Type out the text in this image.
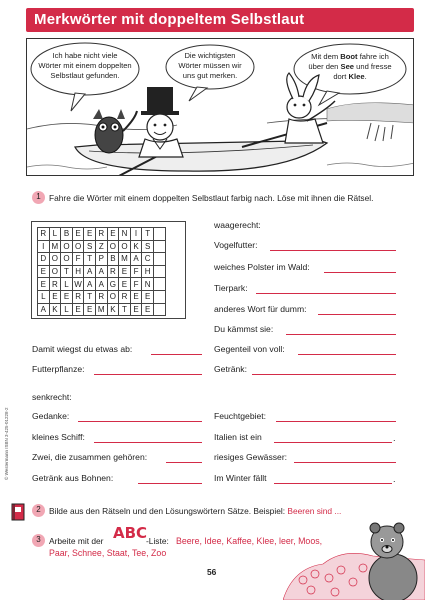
Merkwörter mit doppeltem Selbstlaut
Ich habe nicht viele
Wörter mit einem doppelten
Selbstlaut gefunden.
Die wichtigsten
Wörter müssen wir
uns gut merken.
Mit dem Boot fahre ich
über den See und fresse
dort Klee.
1 Fahre die Wörter mit einem doppelten Selbstlaut farbig nach. Löse mit ihnen die Rätsel.
R	L	B	E	E	R	E	N	I	T	
I	M	O	O	S	Z	O	O	K	S	
D	O	O	F	T	P	B	M	A	C	
E	O	T	H	A	A	R	E	F	H	
E	R	L	W	A	A	G	E	F	N	
L	E	E	R	T	R	O	R	E	E	
A	K	L	E	E	M	K	T	E	E	
waagerecht:
Vogelfutter:
weiches Polster im Wald:
Tierpark:
anderes Wort für dumm:
Du kämmst sie:
Gegenteil von voll:
Getränk:
Damit wiegst du etwas ab:
Futterpflanze:
senkrecht:
Gedanke:
kleines Schiff:
Zwei, die zusammen gehören:
Getränk aus Bohnen:
Feuchtgebiet:
Italien ist ein	.
riesiges Gewässer:
Im Winter fällt	.
© Westermann ISBN 3-425-01228-2
2 Bilde aus den Rätseln und den Lösungswörtern Sätze. Beispiel: Beeren sind ...
3 Arbeite mit der ABC
-Liste: Beere, Idee, Kaffee, Klee, leer, Moos,
Paar, Schnee, Staat, Tee, Zoo
56
